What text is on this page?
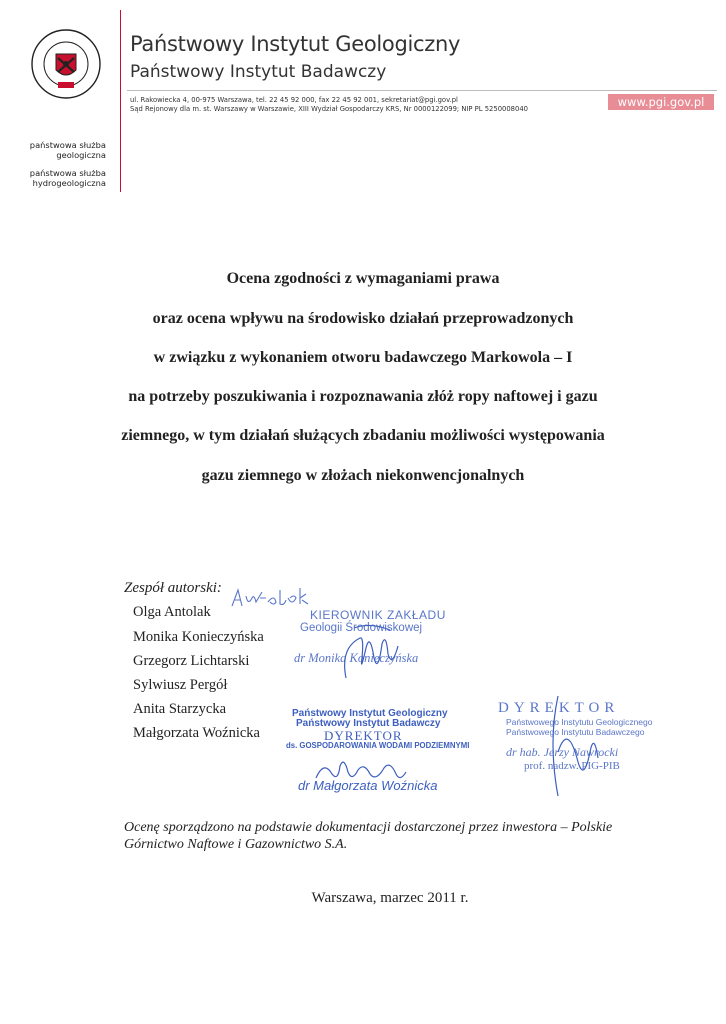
Państwowy Instytut Geologiczny
Państwowy Instytut Badawczy
ul. Rakowiecka 4, 00-975 Warszawa, tel. 22 45 92 000, fax 22 45 92 001, sekretariat@pgi.gov.pl
Sąd Rejonowy dla m. st. Warszawy w Warszawie, XIII Wydział Gospodarczy KRS, Nr 0000122099; NIP PL 5250008040	www.pgi.gov.pl
państwowa służba
geologiczna
państwowa służba
hydrogeologiczna
Ocena zgodności z wymaganiami prawa
oraz ocena wpływu na środowisko działań przeprowadzonych
w związku z wykonaniem otworu badawczego Markowola – I
na potrzeby poszukiwania i rozpoznawania złóż ropy naftowej i gazu
ziemnego, w tym działań służących zbadaniu możliwości występowania
gazu ziemnego w złożach niekonwencjonalnych
Zespół autorski:
Olga Antolak
Monika Konieczyńska
Grzegorz Lichtarski
Sylwiusz Pergół
Anita Starzycka
Małgorzata Woźnicka
KIEROWNIK ZAKŁADU
Geologii Środowiskowej
dr Monika Konieczyńska
Państwowy Instytut Geologiczny
Państwowy Instytut Badawczy
DYREKTOR
ds. GOSPODAROWANIA WODAMI PODZIEMNYMI
dr Małgorzata Woźnicka
DYREKTOR
Państwowego Instytutu Geologicznego
Państwowego Instytutu Badawczego
dr hab. Jerzy Nawrocki
prof. nadzw. PIG-PIB
Ocenę sporządzono na podstawie dokumentacji dostarczonej przez inwestora – Polskie
Górnictwo Naftowe i Gazownictwo S.A.
Warszawa, marzec 2011 r.
